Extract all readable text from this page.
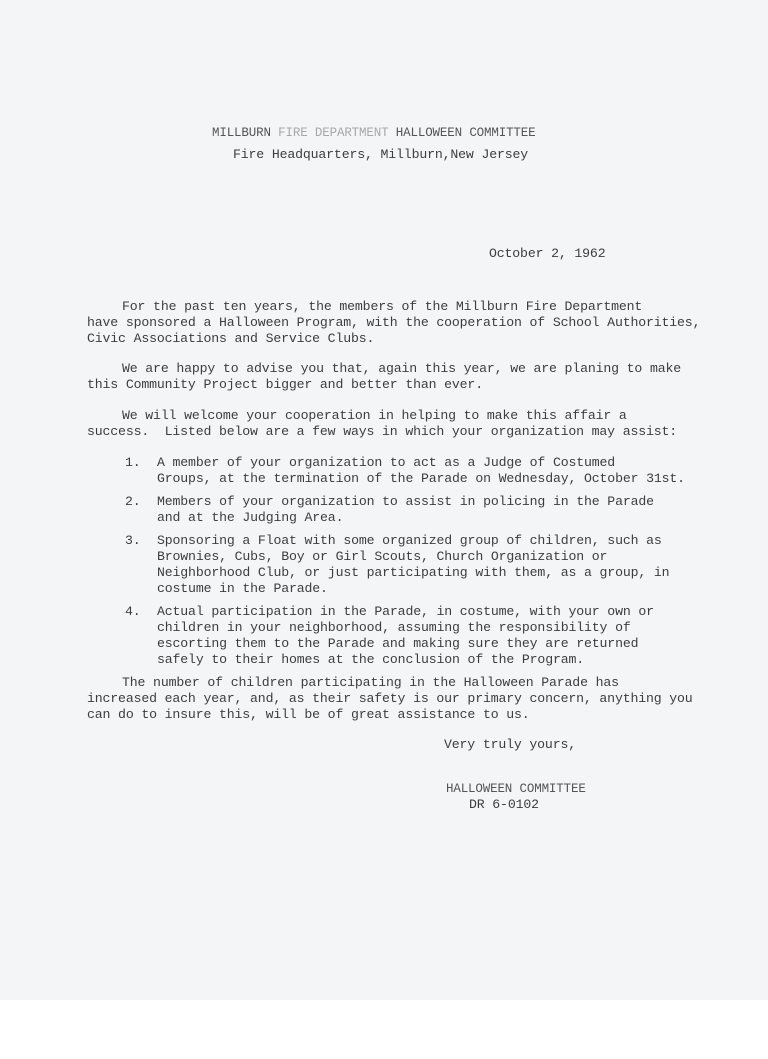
MILLBURN FIRE DEPARTMENT HALLOWEEN COMMITTEE
Fire Headquarters, Millburn,New Jersey
October 2, 1962
For the past ten years, the members of the Millburn Fire Department
have sponsored a Halloween Program, with the cooperation of School Authorities,
Civic Associations and Service Clubs.
We are happy to advise you that, again this year, we are planing to make
this Community Project bigger and better than ever.
We will welcome your cooperation in helping to make this affair a
success.  Listed below are a few ways in which your organization may assist:
1. A member of your organization to act as a Judge of Costumed
Groups, at the termination of the Parade on Wednesday, October 31st.
2. Members of your organization to assist in policing in the Parade
and at the Judging Area.
3. Sponsoring a Float with some organized group of children, such as
Brownies, Cubs, Boy or Girl Scouts, Church Organization or
Neighborhood Club, or just participating with them, as a group, in
costume in the Parade.
4. Actual participation in the Parade, in costume, with your own or
children in your neighborhood, assuming the responsibility of
escorting them to the Parade and making sure they are returned
safely to their homes at the conclusion of the Program.
The number of children participating in the Halloween Parade has
increased each year, and, as their safety is our primary concern, anything you
can do to insure this, will be of great assistance to us.
Very truly yours,
HALLOWEEN COMMITTEE
DR 6-0102
